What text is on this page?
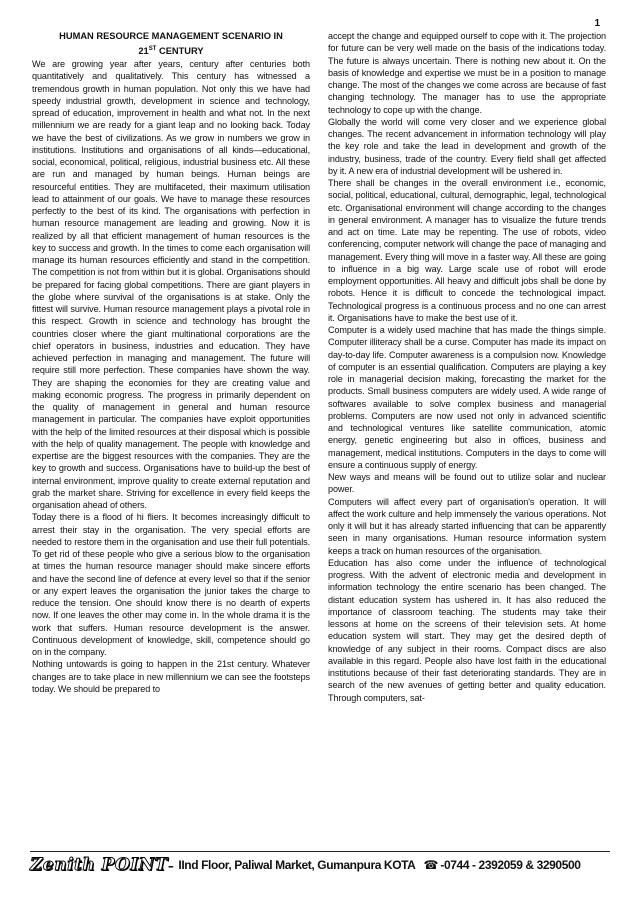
1
HUMAN RESOURCE MANAGEMENT SCENARIO IN
21ST CENTURY

We are growing year after years, century after centuries both quantitatively and qualitatively. This century has witnessed a tremendous growth in human population. Not only this we have had speedy industrial growth, development in science and technology, spread of education, improvement in health and what not. In the next millennium we are ready for a giant leap and no looking back. Today we have the best of civilizations. As we grow in numbers we grow in institutions. Institutions and organisations of all kinds—educational, social, economical, political, religious, industrial business etc. All these are run and managed by human beings. Human beings are resourceful entities. They are multifaceted, their maximum utilisation lead to attainment of our goals. We have to manage these resources perfectly to the best of its kind. The organisations with perfection in human resource management are leading and growing. Now it is realized by all that efficient management of human resources is the key to success and growth. In the times to come each organisation will manage its human resources efficiently and stand in the competition. The competition is not from within but it is global. Organisations should be prepared for facing global competitions. There are giant players in the globe where survival of the organisations is at stake. Only the fittest will survive. Human resource management plays a pivotal role in this respect. Growth in science and technology has brought the countries closer where the giant multinational corporations are the chief operators in business, industries and education. They have achieved perfection in managing and management. The future will require still more perfection. These companies have shown the way. They are shaping the economies for they are creating value and making economic progress. The progress in primarily dependent on the quality of management in general and human resource management in particular. The companies have exploit opportunities with the help of the limited resources at their disposal which is possible with the help of quality management. The people with knowledge and expertise are the biggest resources with the companies. They are the key to growth and success. Organisations have to build-up the best of internal environment, improve quality to create external reputation and grab the market share. Striving for excellence in every field keeps the organisation ahead of others.

Today there is a flood of hi fliers. It becomes increasingly difficult to arrest their stay in the organisation. The very special efforts are needed to restore them in the organisation and use their full potentials. To get rid of these people who give a serious blow to the organisation at times the human resource manager should make sincere efforts and have the second line of defence at every level so that if the senior or any expert leaves the organisation the junior takes the charge to reduce the tension. One should know there is no dearth of experts now. If one leaves the other may come in. In the whole drama it is the work that suffers. Human resource development is the answer. Continuous development of knowledge, skill, competence should go on in the company.

Nothing untowards is going to happen in the 21st century. Whatever changes are to take place in new millennium we can see the footsteps today. We should be prepared to

accept the change and equipped ourself to cope with it. The projection for future can be very well made on the basis of the indications today. The future is always uncertain. There is nothing new about it. On the basis of knowledge and expertise we must be in a position to manage change. The most of the changes we come across are because of fast changing technology. The manager has to use the appropriate technology to cope up with the change.

Globally the world will come very closer and we experience global changes. The recent advancement in information technology will play the key role and take the lead in development and growth of the industry, business, trade of the country. Every field shall get affected by it. A new era of industrial development will be ushered in.

There shall be changes in the overall environment i.e., economic, social, political, educational, cultural, demographic, legal, technological etc. Organisational environment will change according to the changes in general environment. A manager has to visualize the future trends and act on time. Late may be repenting. The use of robots, video conferencing, computer network will change the pace of managing and management. Every thing will move in a faster way. All these are going to influence in a big way. Large scale use of robot will erode employment opportunities. All heavy and difficult jobs shall be done by robots. Hence it is difficult to concede the technological impact. Technological progress is a continuous process and no one can arrest it. Organisations have to make the best use of it.

Computer is a widely used machine that has made the things simple. Computer illiteracy shall be a curse. Computer has made its impact on day-to-day life. Computer awareness is a compulsion now. Knowledge of computer is an essential qualification. Computers are playing a key role in managerial decision making, forecasting the market for the products. Small business computers are widely used. A wide range of softwares available to solve complex business and managerial problems. Computers are now used not only in advanced scientific and technological ventures like satellite communication, atomic energy, genetic engineering but also in offices, business and management, medical institutions. Computers in the days to come will ensure a continuous supply of energy.

New ways and means will be found out to utilize solar and nuclear power.

Computers will affect every part of organisation's operation. It will affect the work culture and help immensely the various operations. Not only it will but it has already started influencing that can be apparently seen in many organisations. Human resource information system keeps a track on human resources of the organisation.

Education has also come under the influence of technological progress. With the advent of electronic media and development in information technology the entire scenario has been changed. The distant education system has ushered in. It has also reduced the importance of classroom teaching. The students may take their lessons at home on the screens of their television sets. At home education system will start. They may get the desired depth of knowledge of any subject in their rooms. Compact discs are also available in this regard. People also have lost faith in the educational institutions because of their fast deteriorating standards. They are in search of the new avenues of getting better and quality education. Through computers, sat-

Zenith POINT– IInd Floor, Paliwal Market, Gumanpura KOTA ☎ -0744 - 2392059 & 3290500
